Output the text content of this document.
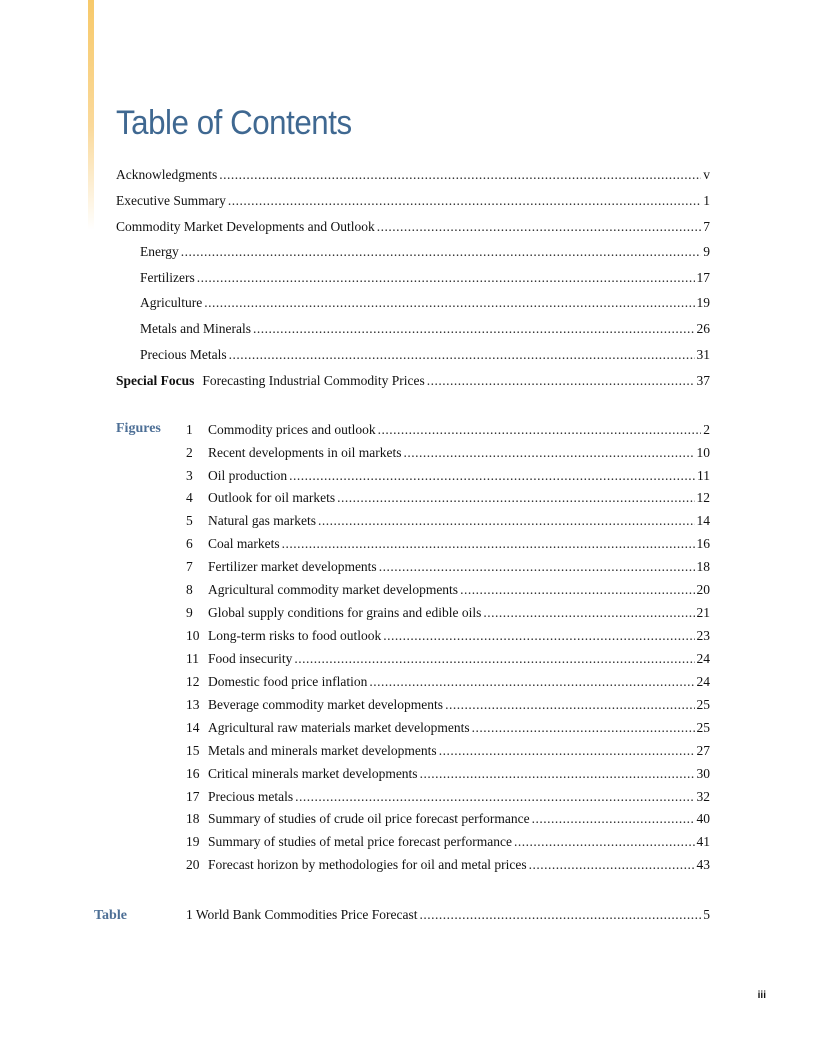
Table of Contents
Acknowledgments .....	v
Executive Summary .....	1
Commodity Market Developments and Outlook .....	7
Energy .....	9
Fertilizers .....	17
Agriculture .....	19
Metals and Minerals .....	26
Precious Metals .....	31
Special Focus Forecasting Industrial Commodity Prices .....	37
Figures 1	Commodity prices and outlook .....	2
2	Recent developments in oil markets .....	10
3	Oil production .....	11
4	Outlook for oil markets .....	12
5	Natural gas markets .....	14
6	Coal markets .....	16
7	Fertilizer market developments .....	18
8	Agricultural commodity market developments .....	20
9	Global supply conditions for grains and edible oils .....	21
10 Long-term risks to food outlook .....	23
11 Food insecurity .....	24
12 Domestic food price inflation .....	24
13 Beverage commodity market developments .....	25
14 Agricultural raw materials market developments .....	25
15 Metals and minerals market developments .....	27
16 Critical minerals market developments .....	30
17 Precious metals .....	32
18 Summary of studies of crude oil price forecast performance .....	40
19 Summary of studies of metal price forecast performance .....	41
20 Forecast horizon by methodologies for oil and metal prices .....	43
Table	1 World Bank Commodities Price Forecast .....	5
iii
